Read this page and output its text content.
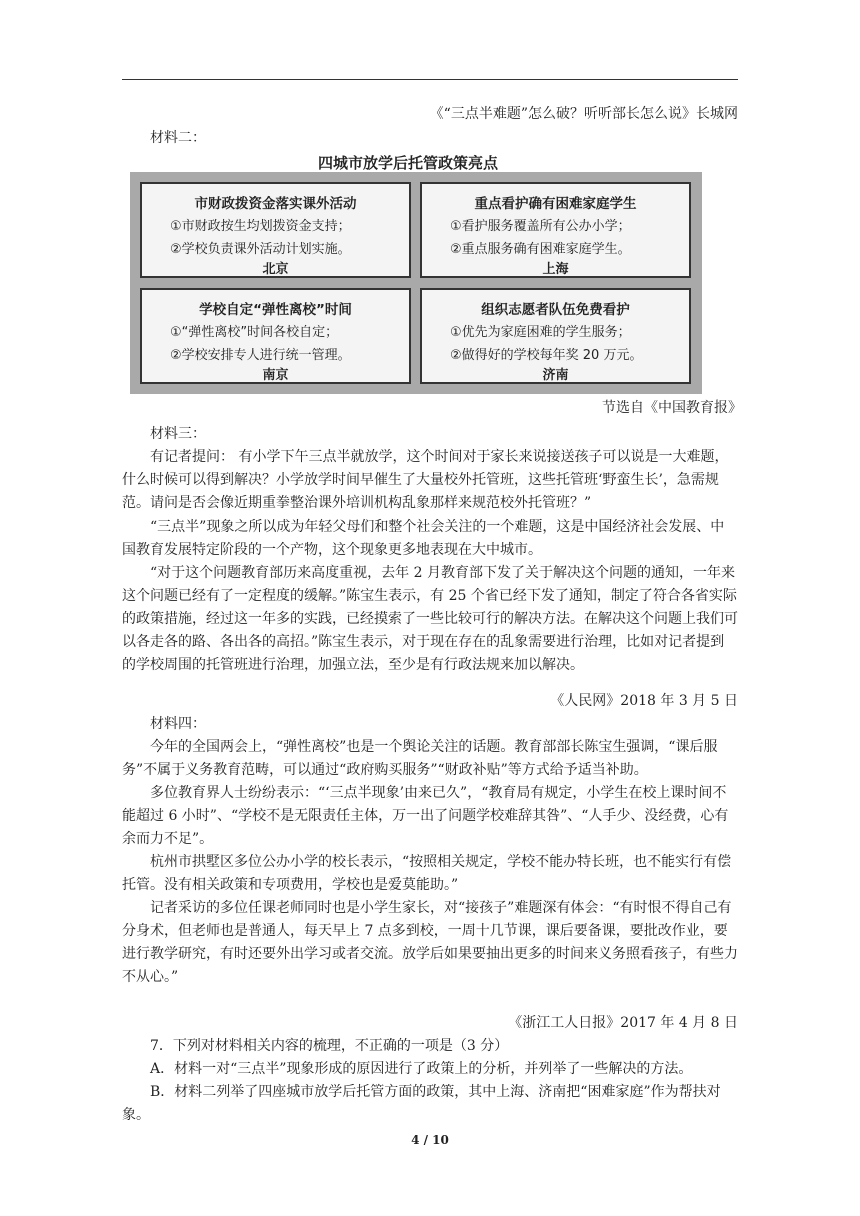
《“三点半难题”怎么破？听听部长怎么说》长城网

材料二：
四城市放学后托管政策亮点
市财政拨资金落实课外活动
①市财政按生均划拨资金支持；
②学校负责课外活动计划实施。
北京
重点看护确有困难家庭学生
①看护服务覆盖所有公办小学；
②重点服务确有困难家庭学生。
上海
学校自定“弹性离校”时间
①“弹性离校”时间各校自定；
②学校安排专人进行统一管理。
南京
组织志愿者队伍免费看护
①优先为家庭困难的学生服务；
②做得好的学校每年奖 20 万元。
济南
节选自《中国教育报》
材料三：

有记者提问： 有小学下午三点半就放学，这个时间对于家长来说接送孩子可以说是一大难题，什么时候可以得到解决？小学放学时间早催生了大量校外托管班，这些托管班‘野蛮生长’，急需规范。请问是否会像近期重拳整治课外培训机构乱象那样来规范校外托管班？”

“三点半”现象之所以成为年轻父母们和整个社会关注的一个难题，这是中国经济社会发展、中国教育发展特定阶段的一个产物，这个现象更多地表现在大中城市。

“对于这个问题教育部历来高度重视，去年 2 月教育部下发了关于解决这个问题的通知，一年来这个问题已经有了一定程度的缓解。”陈宝生表示，有 25 个省已经下发了通知，制定了符合各省实际的政策措施，经过这一年多的实践，已经摸索了一些比较可行的解决方法。在解决这个问题上我们可以各走各的路、各出各的高招。”陈宝生表示，对于现在存在的乱象需要进行治理，比如对记者提到的学校周围的托管班进行治理，加强立法，至少是有行政法规来加以解决。

《人民网》2018 年 3 月 5 日

材料四：

今年的全国两会上，“弹性离校”也是一个舆论关注的话题。教育部部长陈宝生强调，“课后服务”不属于义务教育范畴，可以通过“政府购买服务”“财政补贴”等方式给予适当补助。

多位教育界人士纷纷表示：“‘三点半现象’由来已久”，“教育局有规定，小学生在校上课时间不能超过 6 小时”、“学校不是无限责任主体，万一出了问题学校难辞其咎”、“人手少、没经费，心有余而力不足”。

杭州市拱墅区多位公办小学的校长表示，“按照相关规定，学校不能办特长班，也不能实行有偿托管。没有相关政策和专项费用，学校也是爱莫能助。”

记者采访的多位任课老师同时也是小学生家长，对“接孩子”难题深有体会：“有时恨不得自己有分身术，但老师也是普通人，每天早上 7 点多到校，一周十几节课，课后要备课，要批改作业，要进行教学研究，有时还要外出学习或者交流。放学后如果要抽出更多的时间来义务照看孩子，有些力不从心。”

《浙江工人日报》2017 年 4 月 8 日

7．下列对材料相关内容的梳理，不正确的一项是（3 分）

A．材料一对“三点半”现象形成的原因进行了政策上的分析，并列举了一些解决的方法。

B．材料二列举了四座城市放学后托管方面的政策，其中上海、济南把“困难家庭”作为帮扶对象。

4 / 10
